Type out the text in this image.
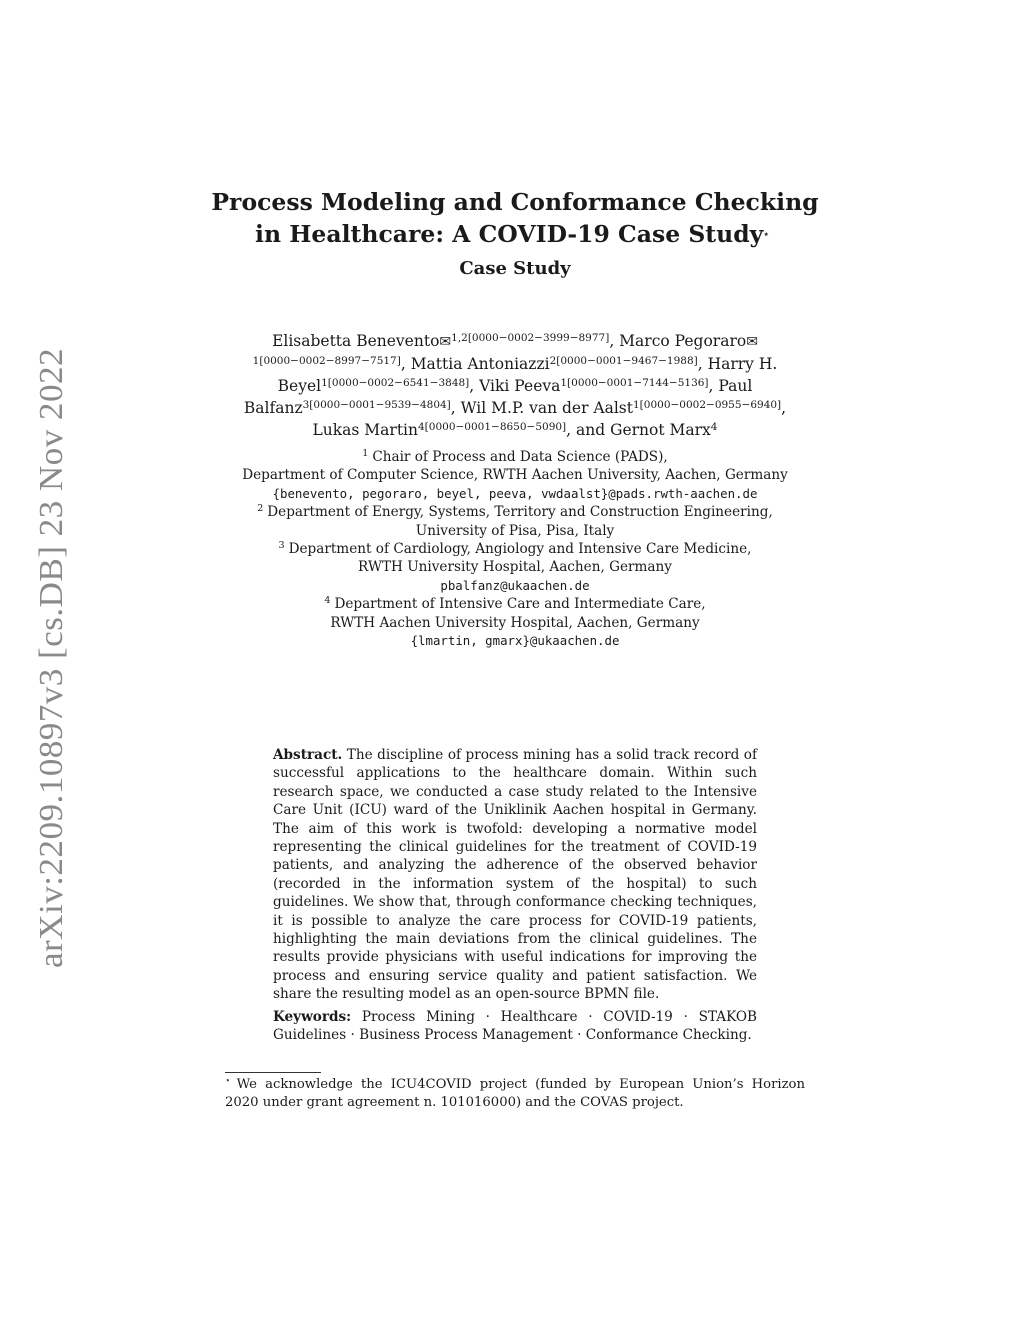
arXiv:2209.10897v3 [cs.DB] 23 Nov 2022
Process Modeling and Conformance Checking in Healthcare: A COVID-19 Case Study⋆
Case Study
Elisabetta Benevento✉$^{1,2[0000-0002-3999-8977]}$, Marco Pegoraro✉$^{1[0000-0002-8997-7517]}$, Mattia Antoniazzi$^{2[0000-0001-9467-1988]}$, Harry H. Beyel$^{1[0000-0002-6541-3848]}$, Viki Peeva$^{1[0000-0001-7144-5136]}$, Paul Balfanz$^{3[0000-0001-9539-4804]}$, Wil M.P. van der Aalst$^{1[0000-0002-0955-6940]}$, Lukas Martin$^{4[0000-0001-8650-5090]}$, and Gernot Marx$^4$
$^1$ Chair of Process and Data Science (PADS),
Department of Computer Science, RWTH Aachen University, Aachen, Germany
{benevento, pegoraro, beyel, peeva, vwdaalst}@pads.rwth-aachen.de
$^2$ Department of Energy, Systems, Territory and Construction Engineering,
University of Pisa, Pisa, Italy
$^3$ Department of Cardiology, Angiology and Intensive Care Medicine,
RWTH University Hospital, Aachen, Germany
pbalfanz@ukaachen.de
$^4$ Department of Intensive Care and Intermediate Care,
RWTH Aachen University Hospital, Aachen, Germany
{lmartin, gmarx}@ukaachen.de
Abstract. The discipline of process mining has a solid track record of successful applications to the healthcare domain. Within such research space, we conducted a case study related to the Intensive Care Unit (ICU) ward of the Uniklinik Aachen hospital in Germany. The aim of this work is twofold: developing a normative model representing the clinical guidelines for the treatment of COVID-19 patients, and analyzing the adherence of the observed behavior (recorded in the information system of the hospital) to such guidelines. We show that, through conformance checking techniques, it is possible to analyze the care process for COVID-19 patients, highlighting the main deviations from the clinical guidelines. The results provide physicians with useful indications for improving the process and ensuring service quality and patient satisfaction. We share the resulting model as an open-source BPMN file.
Keywords: Process Mining · Healthcare · COVID-19 · STAKOB Guidelines · Business Process Management · Conformance Checking.
⋆ We acknowledge the ICU4COVID project (funded by European Union’s Horizon 2020 under grant agreement n. 101016000) and the COVAS project.
